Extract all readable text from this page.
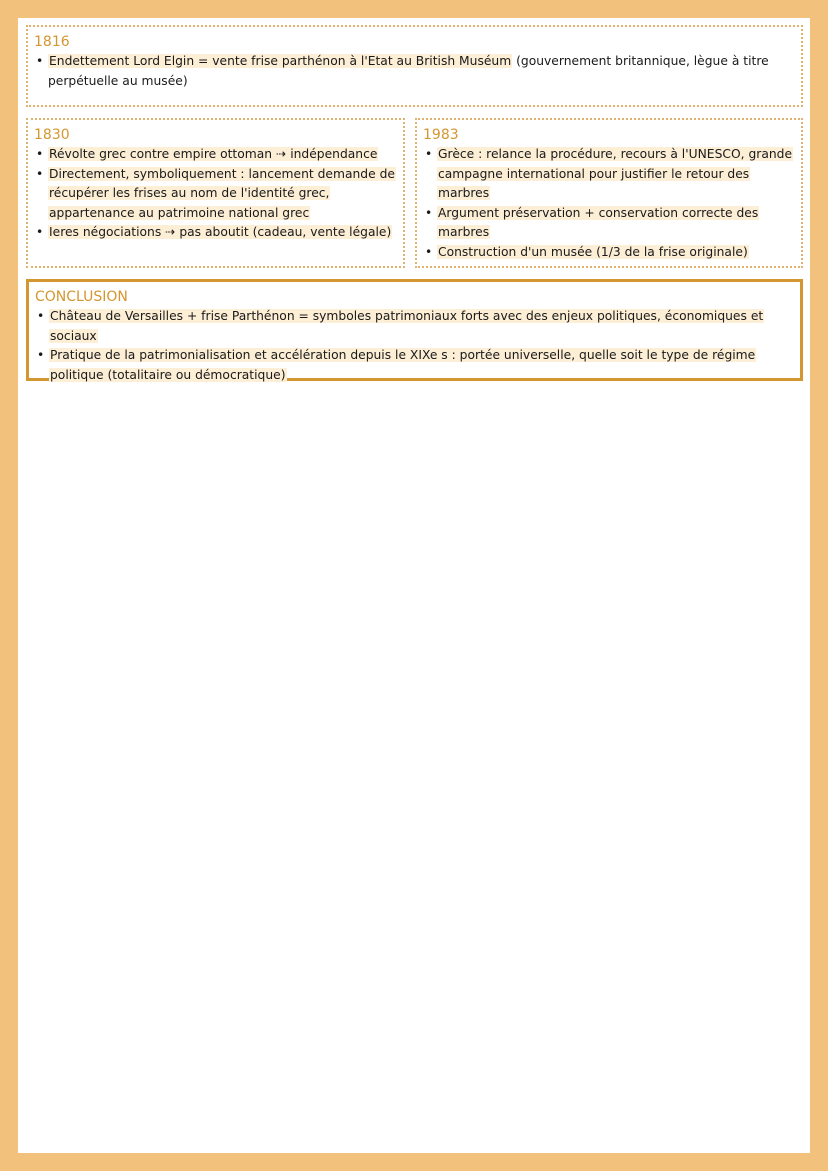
1816
• Endettement Lord Elgin = vente frise parthénon à l'Etat au British Muséum (gouvernement britannique, lègue à titre perpétuelle au musée)
1830
• Révolte grec contre empire ottoman ⇢ indépendance
• Directement, symboliquement : lancement demande de récupérer les frises au nom de l'identité grec, appartenance au patrimoine national grec
• Ieres négociations ⇢ pas aboutit (cadeau, vente légale)
1983
• Grèce : relance la procédure, recours à l'UNESCO, grande campagne international pour justifier le retour des marbres
• Argument préservation + conservation correcte des marbres
• Construction d'un musée (1/3 de la frise originale)
CONCLUSION
• Château de Versailles + frise Parthénon = symboles patrimoniaux forts avec des enjeux politiques, économiques et sociaux
• Pratique de la patrimonialisation et accélération depuis le XIXe s : portée universelle, quelle soit le type de régime politique (totalitaire ou démocratique)
